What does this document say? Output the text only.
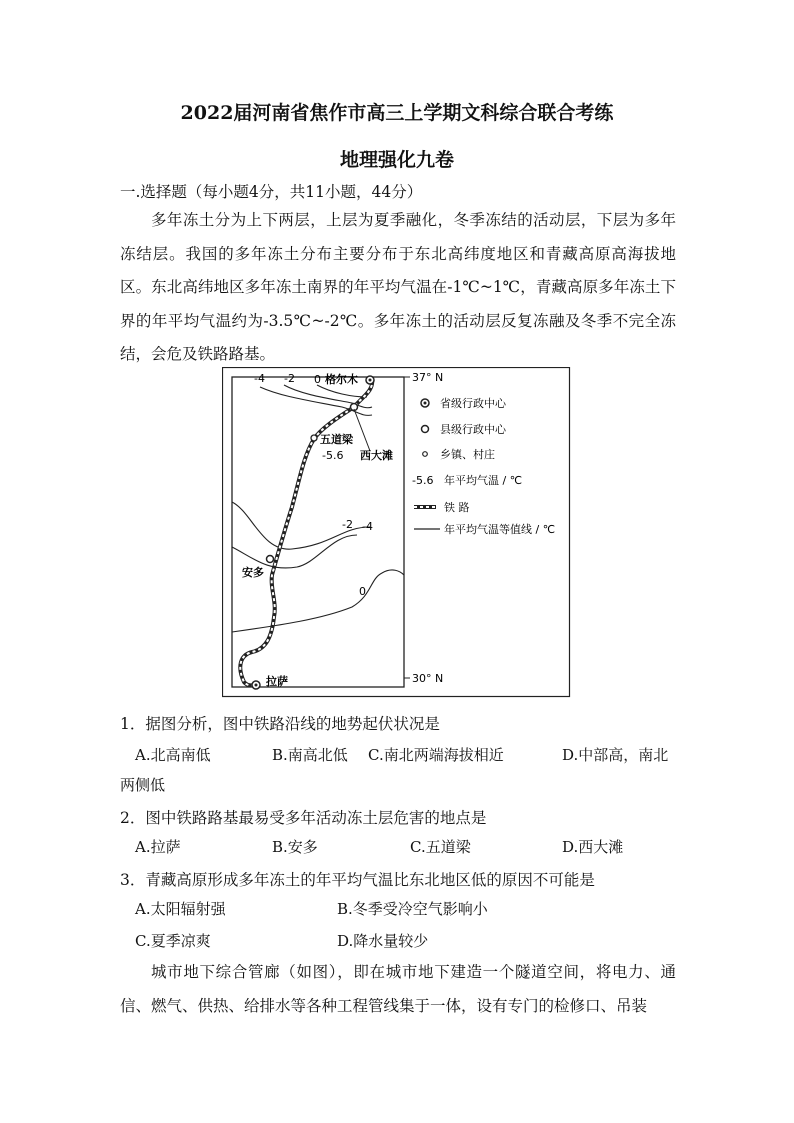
2022届河南省焦作市高三上学期文科综合联合考练
地理强化九卷
一.选择题（每小题4分，共11小题，44分）
多年冻土分为上下两层，上层为夏季融化，冬季冻结的活动层，下层为多年冻结层。我国的多年冻土分布主要分布于东北高纬度地区和青藏高原高海拔地区。东北高纬地区多年冻土南界的年平均气温在-1℃~1℃，青藏高原多年冻土下界的年平均气温约为-3.5℃~-2℃。多年冻土的活动层反复冻融及冬季不完全冻结，会危及铁路路基。
-4 -2 0
-4
-2
0
格尔木
五道梁
-5.6 西大滩
安多
拉萨
37° N
30° N
省级行政中心
县级行政中心
乡镇、村庄
-5.6 年平均气温 / ℃
铁 路
年平均气温等值线 / ℃
1．据图分析，图中铁路沿线的地势起伏状况是
A.北高南低	B.南高北低 C.南北两端海拔相近	D.中部高，南北
两侧低
2．图中铁路路基最易受多年活动冻土层危害的地点是
A.拉萨	B.安多	C.五道梁	D.西大滩
3．青藏高原形成多年冻土的年平均气温比东北地区低的原因不可能是
A.太阳辐射强	B.冬季受冷空气影响小
C.夏季凉爽	D.降水量较少
城市地下综合管廊（如图），即在城市地下建造一个隧道空间，将电力、通信、燃气、供热、给排水等各种工程管线集于一体，设有专门的检修口、吊装
